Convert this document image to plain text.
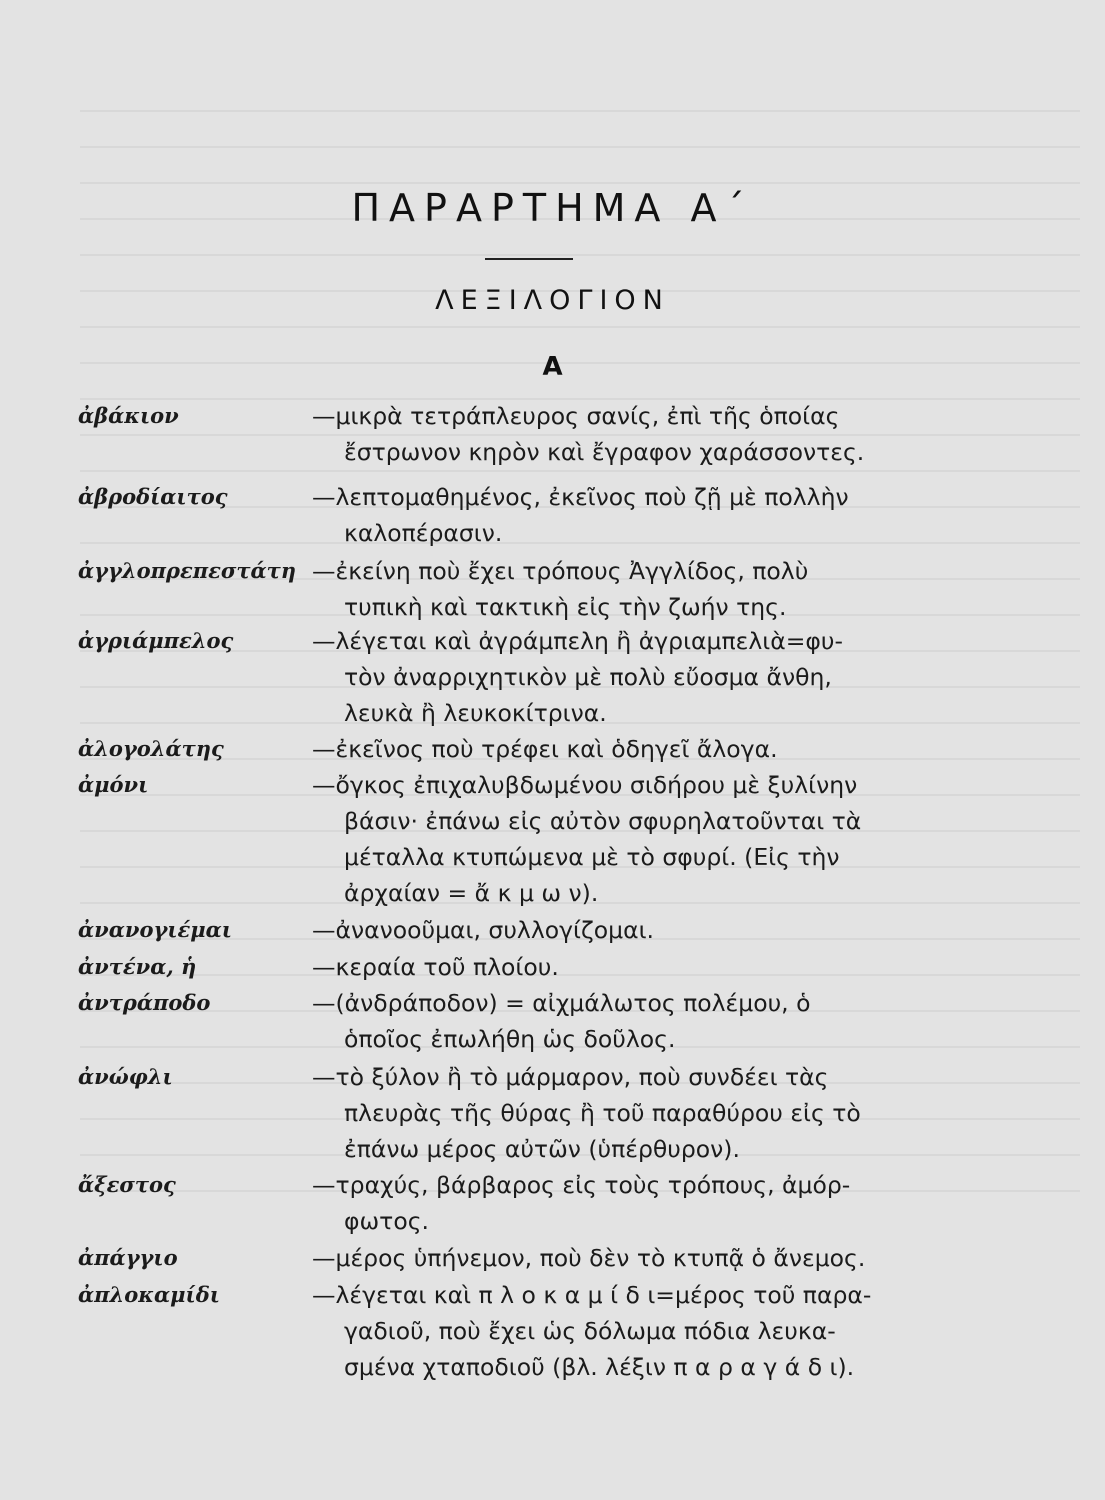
ΠΑΡΑΡΤΗΜΑ Α΄
ΛΕΞΙΛΟΓΙΟΝ
Α
ἀβάκιον	—μικρὰ τετράπλευρος σανίς, ἐπὶ τῆς ὁποίας
ἔστρωνον κηρὸν καὶ ἔγραφον χαράσσοντες.
ἀβροδίαιτος	—λεπτομαθημένος, ἐκεῖνος ποὺ ζῇ μὲ πολλὴν
καλοπέρασιν.
ἀγγλοπρεπεστάτη —ἐκείνη ποὺ ἔχει τρόπους Ἀγγλίδος, πολὺ
τυπικὴ καὶ τακτικὴ εἰς τὴν ζωήν της.
ἀγριάμπελος	—λέγεται καὶ ἀγράμπελη ἢ ἀγριαμπελιὰ=φυ-
τὸν ἀναρριχητικὸν μὲ πολὺ εὔοσμα ἄνθη,
λευκὰ ἢ λευκοκίτρινα.
ἀλογολάτης	—ἐκεῖνος ποὺ τρέφει καὶ ὁδηγεῖ ἄλογα.
ἀμόνι	—ὄγκος ἐπιχαλυβδωμένου σιδήρου μὲ ξυλίνην
βάσιν· ἐπάνω εἰς αὐτὸν σφυρηλατοῦνται τὰ
μέταλλα κτυπώμενα μὲ τὸ σφυρί. (Εἰς τὴν
ἀρχαίαν = ἄ κ μ ω ν).
ἀνανογιέμαι	—ἀνανοοῦμαι, συλλογίζομαι.
ἀντένα, ἡ	—κεραία τοῦ πλοίου.
ἀντράποδο	—(ἀνδράποδον) = αἰχμάλωτος πολέμου, ὁ
ὁποῖος ἐπωλήθη ὡς δοῦλος.
ἀνώφλι	—τὸ ξύλον ἢ τὸ μάρμαρον, ποὺ συνδέει τὰς
πλευρὰς τῆς θύρας ἢ τοῦ παραθύρου εἰς τὸ
ἐπάνω μέρος αὐτῶν (ὑπέρθυρον).
ἄξεστος	—τραχύς, βάρβαρος εἰς τοὺς τρόπους, ἀμόρ-
φωτος.
ἀπάγγιο	—μέρος ὑπήνεμον, ποὺ δὲν τὸ κτυπᾷ ὁ ἄνεμος.
ἀπλοκαμίδι	—λέγεται καὶ π λ ο κ α μ ί δ ι=μέρος τοῦ παρα-
γαδιοῦ, ποὺ ἔχει ὡς δόλωμα πόδια λευκα-
σμένα χταποδιοῦ (βλ. λέξιν π α ρ α γ ά δ ι).
